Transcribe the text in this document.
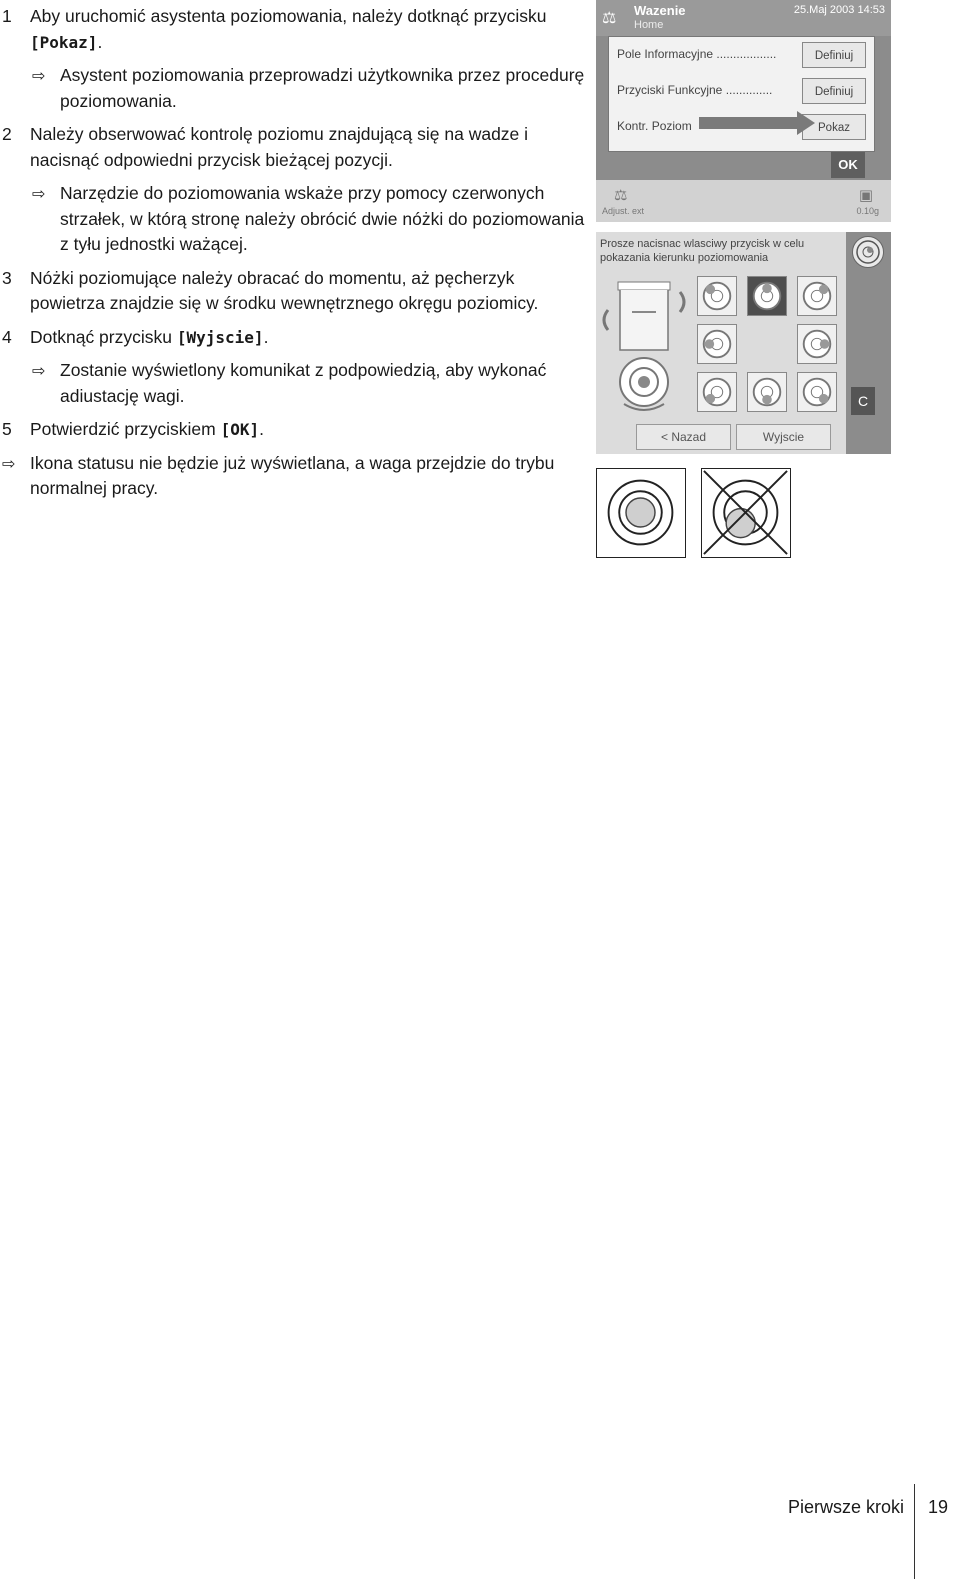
1 Aby uruchomić asystenta poziomowania, należy dotknąć przycisku [Pokaz].
⇨ Asystent poziomowania przeprowadzi użytkownika przez procedurę poziomowania.
2 Należy obserwować kontrolę poziomu znajdującą się na wadze i nacisnąć odpowiedni przycisk bieżącej pozycji.
⇨ Narzędzie do poziomowania wskaże przy pomocy czerwonych strzałek, w którą stronę należy obrócić dwie nóżki do poziomowania z tyłu jednostki ważącej.
3 Nóżki poziomujące należy obracać do momentu, aż pęcherzyk powietrza znajdzie się w środku wewnętrznego okręgu poziomicy.
4 Dotknąć przycisku [Wyjscie].
⇨ Zostanie wyświetlony komunikat z podpowiedzią, aby wykonać adiustację wagi.
5 Potwierdzić przyciskiem [OK].
⇨ Ikona statusu nie będzie już wyświetlana, a waga przejdzie do trybu normalnej pracy.
⚖ Wazenie
Home
25.Maj 2003 14:53
Pole Informacyjne ..................	Definiuj
Przyciski Funkcyjne ..............	Definiuj
Kontr. Poziom	Pokaz
OK
⚖	▣
Adjust. ext	0.10g
Prosze nacisnac wlasciwy przycisk w celu pokazania kierunku poziomowania
< Nazad	Wyjscie
C
Pierwsze kroki 19
